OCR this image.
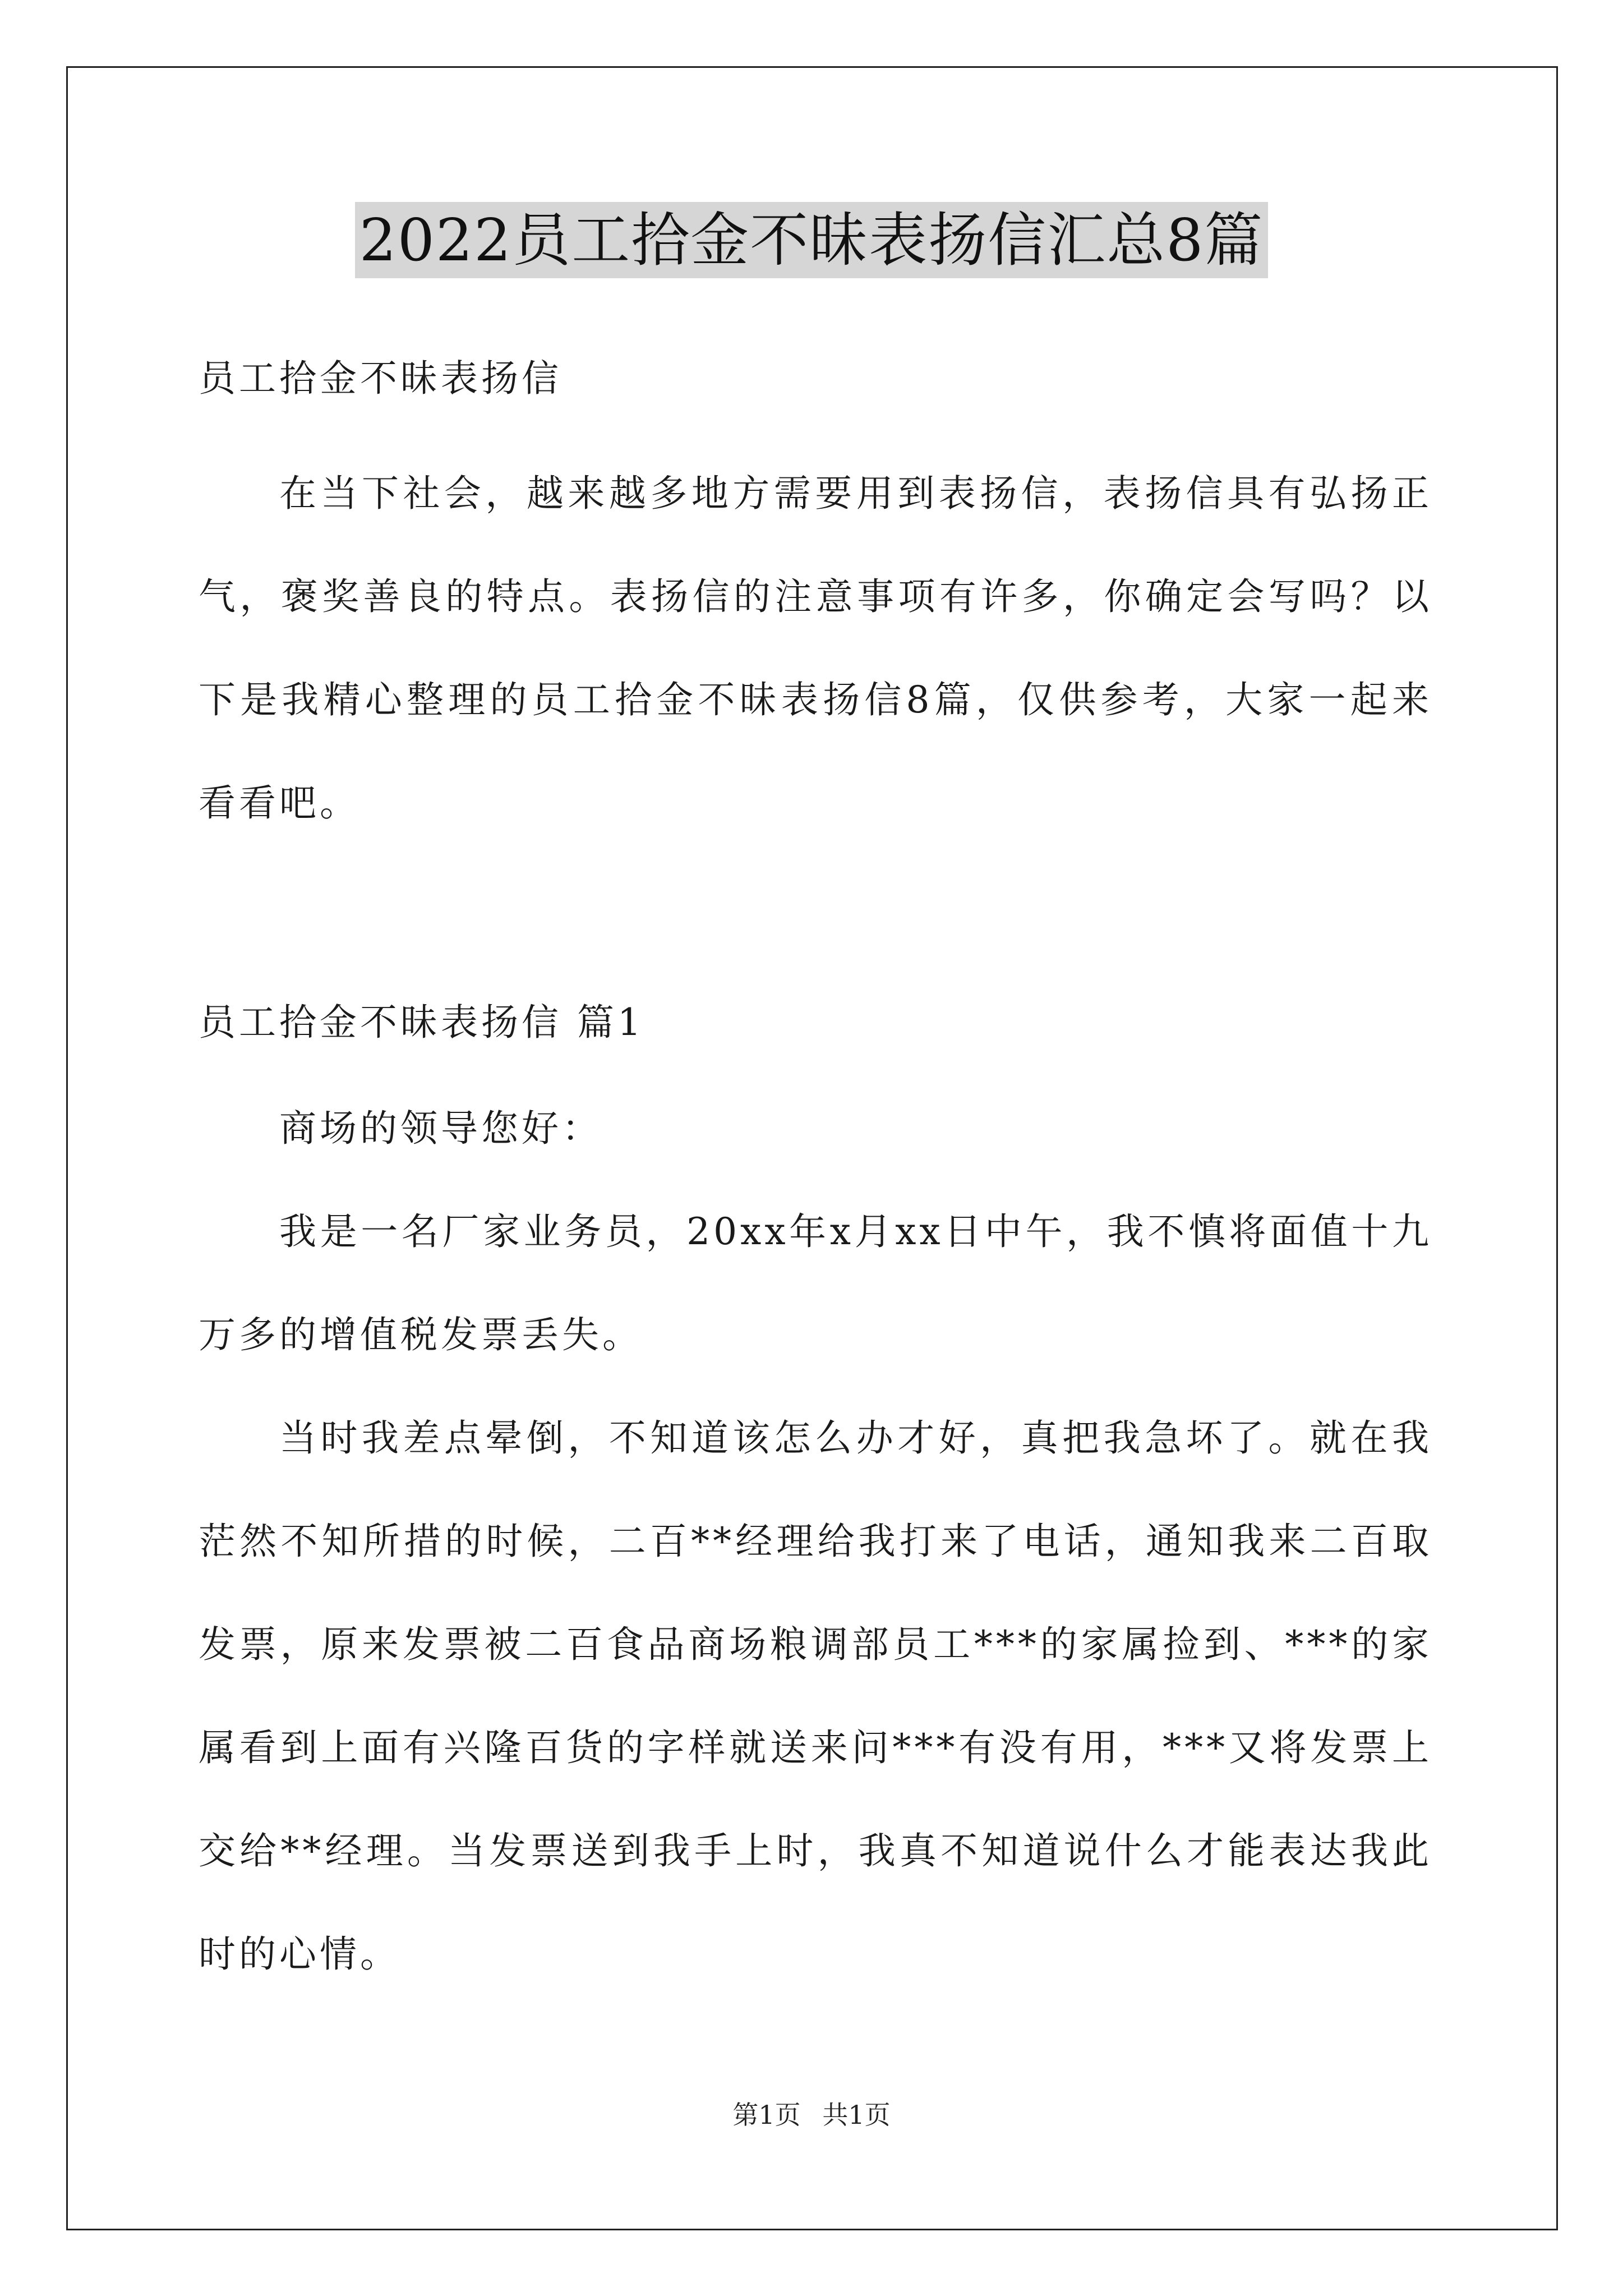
2022员工拾金不昧表扬信汇总8篇

员工拾金不昧表扬信

在当下社会，越来越多地方需要用到表扬信，表扬信具有弘扬正气，褒奖善良的特点。表扬信的注意事项有许多，你确定会写吗？以下是我精心整理的员工拾金不昧表扬信8篇，仅供参考，大家一起来看看吧。

员工拾金不昧表扬信 篇1

商场的领导您好：

我是一名厂家业务员，20xx年x月xx日中午，我不慎将面值十九万多的增值税发票丢失。

当时我差点晕倒，不知道该怎么办才好，真把我急坏了。就在我茫然不知所措的时候，二百**经理给我打来了电话，通知我来二百取发票，原来发票被二百食品商场粮调部员工***的家属捡到、***的家属看到上面有兴隆百货的字样就送来问***有没有用，***又将发票上交给**经理。当发票送到我手上时，我真不知道说什么才能表达我此时的心情。

第1页 共1页
